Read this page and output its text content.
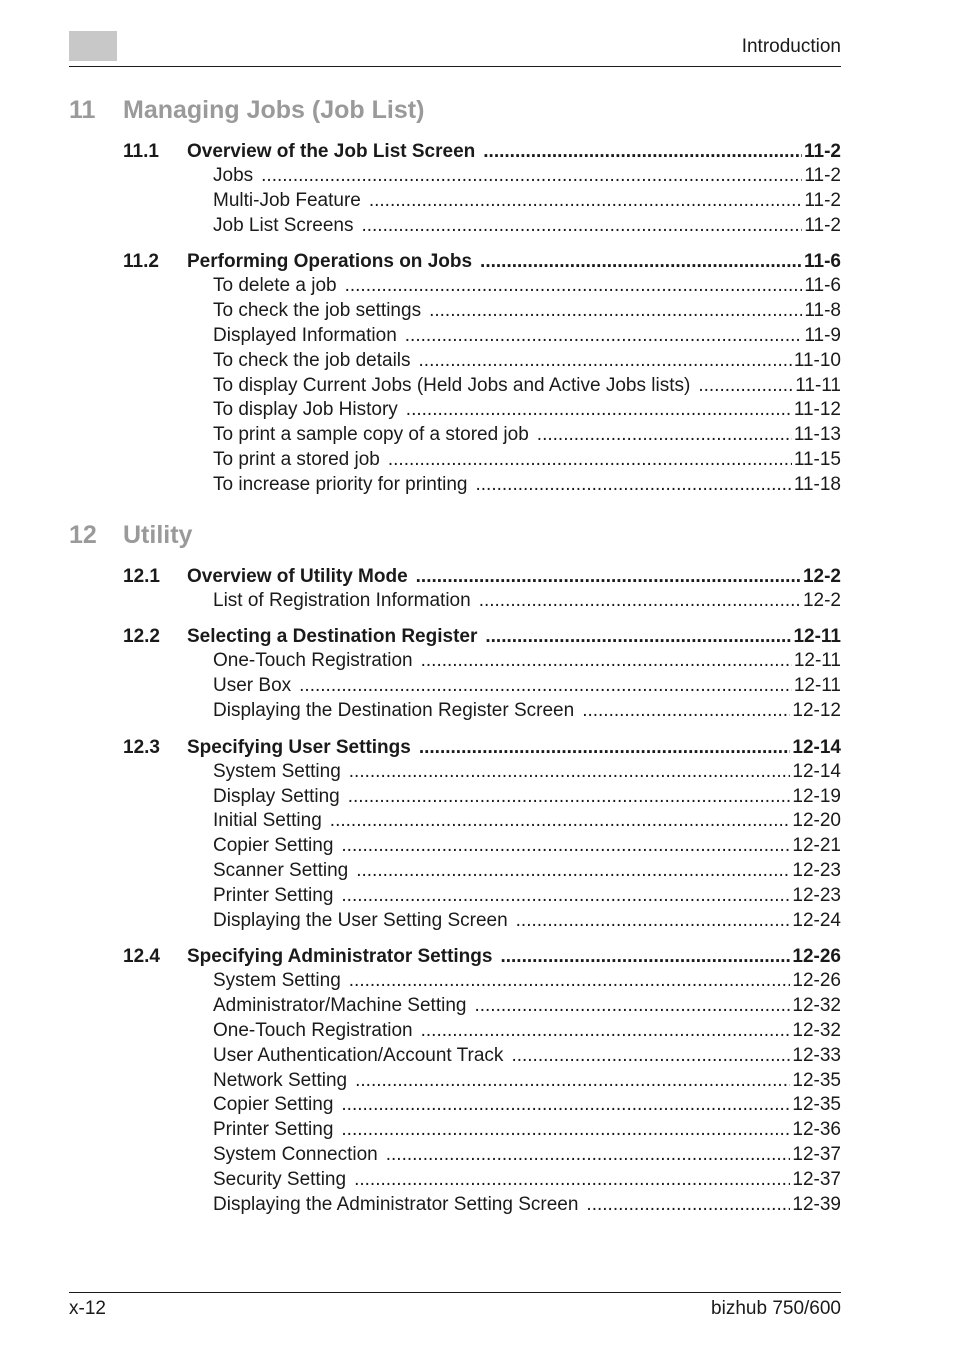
Introduction
11 Managing Jobs (Job List)
11.1	Overview of the Job List Screen .....	11-2
Jobs .....	11-2
Multi-Job Feature .....	11-2
Job List Screens .....	11-2
11.2	Performing Operations on Jobs .....	11-6
To delete a job .....	11-6
To check the job settings .....	11-8
Displayed Information .....	11-9
To check the job details .....	11-10
To display Current Jobs (Held Jobs and Active Jobs lists) .....	11-11
To display Job History .....	11-12
To print a sample copy of a stored job .....	11-13
To print a stored job .....	11-15
To increase priority for printing .....	11-18
12 Utility
12.1	Overview of Utility Mode .....	12-2
List of Registration Information .....	12-2
12.2	Selecting a Destination Register .....	12-11
One-Touch Registration .....	12-11
User Box .....	12-11
Displaying the Destination Register Screen .....	12-12
12.3	Specifying User Settings .....	12-14
System Setting .....	12-14
Display Setting .....	12-19
Initial Setting .....	12-20
Copier Setting .....	12-21
Scanner Setting .....	12-23
Printer Setting .....	12-23
Displaying the User Setting Screen .....	12-24
12.4	Specifying Administrator Settings .....	12-26
System Setting .....	12-26
Administrator/Machine Setting .....	12-32
One-Touch Registration .....	12-32
User Authentication/Account Track .....	12-33
Network Setting .....	12-35
Copier Setting .....	12-35
Printer Setting .....	12-36
System Connection .....	12-37
Security Setting .....	12-37
Displaying the Administrator Setting Screen .....	12-39
x-12	bizhub 750/600
